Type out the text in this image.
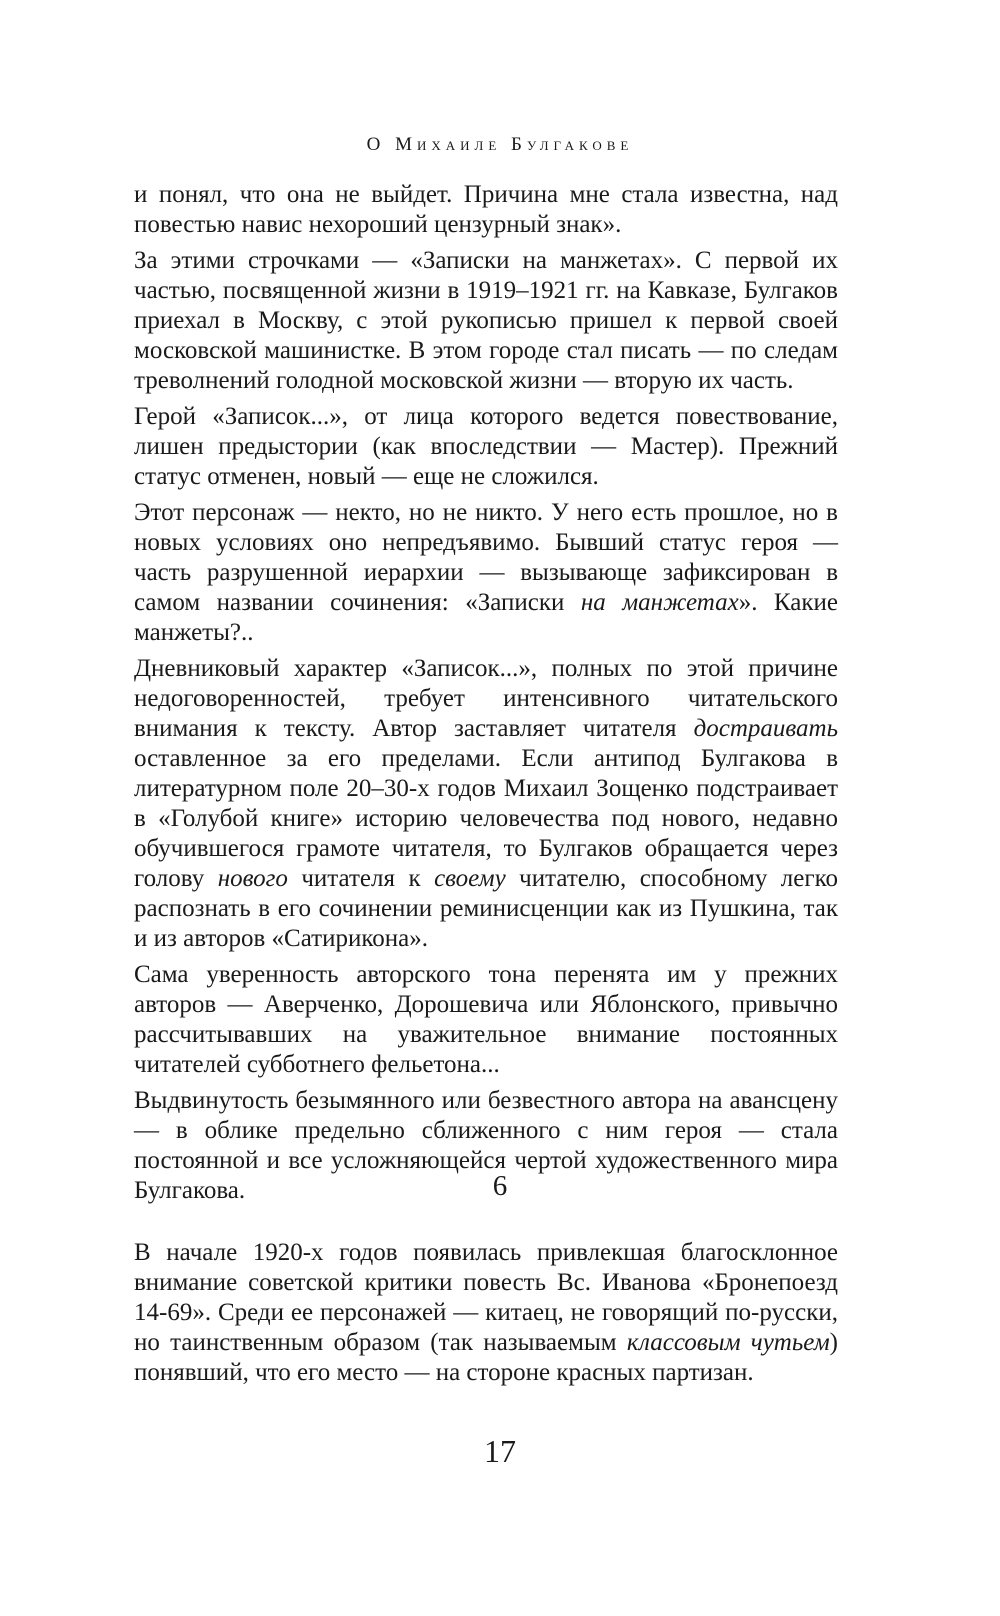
О Михаиле Булгакове

и понял, что она не выйдет. Причина мне стала известна, над повестью навис нехороший цензурный знак».

За этими строчками — «Записки на манжетах». С первой их частью, посвященной жизни в 1919–1921 гг. на Кавказе, Булгаков приехал в Москву, с этой рукописью пришел к первой своей московской машинистке. В этом городе стал писать — по следам треволнений голодной московской жизни — вторую их часть.

Герой «Записок...», от лица которого ведется повествование, лишен предыстории (как впоследствии — Мастер). Прежний статус отменен, новый — еще не сложился.

Этот персонаж — некто, но не никто. У него есть прошлое, но в новых условиях оно непредъявимо. Бывший статус героя — часть разрушенной иерархии — вызывающе зафиксирован в самом названии сочинения: «Записки на манжетах». Какие манжеты?..

Дневниковый характер «Записок...», полных по этой причине недоговоренностей, требует интенсивного читательского внимания к тексту. Автор заставляет читателя достраивать оставленное за его пределами. Если антипод Булгакова в литературном поле 20–30-х годов Михаил Зощенко подстраивает в «Голубой книге» историю человечества под нового, недавно обучившегося грамоте читателя, то Булгаков обращается через голову нового читателя к своему читателю, способному легко распознать в его сочинении реминисценции как из Пушкина, так и из авторов «Сатирикона».

Сама уверенность авторского тона перенята им у прежних авторов — Аверченко, Дорошевича или Яблонского, привычно рассчитывавших на уважительное внимание постоянных читателей субботнего фельетона...

Выдвинутость безымянного или безвестного автора на авансцену — в облике предельно сближенного с ним героя — стала постоянной и все усложняющейся чертой художественного мира Булгакова.	6

В начале 1920-х годов появилась привлекшая благосклонное внимание советской критики повесть Вс. Иванова «Бронепоезд 14-69». Среди ее персонажей — китаец, не говорящий по-русски, но таинственным образом (так называемым классовым чутьем) понявший, что его место — на стороне красных партизан.

17
